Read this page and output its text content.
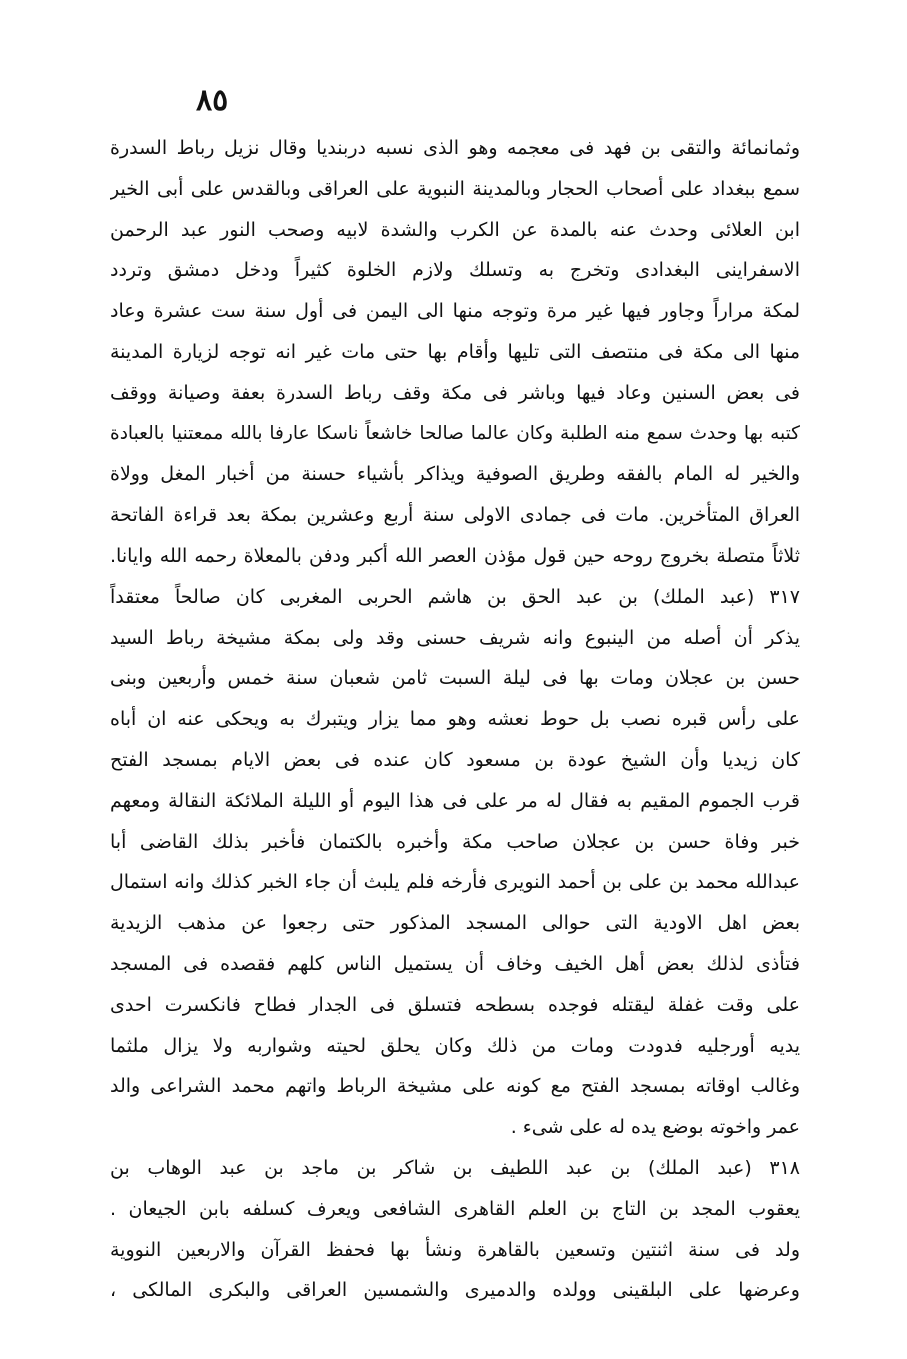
٨٥
وثمانمائة والتقى بن فهد فى معجمه وهو الذى نسبه دربنديا وقال نزيل رباط السدرة
سمع ببغداد على أصحاب الحجار وبالمدينة النبوية على العراقى وبالقدس على أبى الخير
ابن العلائى وحدث عنه بالمدة عن الكرب والشدة لابيه وصحب النور عبد الرحمن
الاسفراينى البغدادى وتخرج به وتسلك ولازم الخلوة كثيراً ودخل دمشق وتردد
لمكة مراراً وجاور فيها غير مرة وتوجه منها الى اليمن فى أول سنة ست عشرة وعاد
منها الى مكة فى منتصف التى تليها وأقام بها حتى مات غير انه توجه لزيارة المدينة
فى بعض السنين وعاد فيها وباشر فى مكة وقف رباط السدرة بعفة وصيانة ووقف
كتبه بها وحدث سمع منه الطلبة وكان عالما صالحا خاشعاً ناسكا عارفا بالله ممعتنيا بالعبادة
والخير له المام بالفقه وطريق الصوفية ويذاكر بأشياء حسنة من أخبار المغل وولاة
العراق المتأخرين. مات فى جمادى الاولى سنة أربع وعشرين بمكة بعد قراءة الفاتحة
ثلاثاً متصلة بخروج روحه حين قول مؤذن العصر الله أكبر ودفن بالمعلاة رحمه الله وايانا.
٣١٧ (عبد الملك) بن عبد الحق بن هاشم الحربى المغربى كان صالحاً معتقداً
يذكر أن أصله من الينبوع وانه شريف حسنى وقد ولى بمكة مشيخة رباط السيد
حسن بن عجلان ومات بها فى ليلة السبت ثامن شعبان سنة خمس وأربعين وبنى
على رأس قبره نصب بل حوط نعشه وهو مما يزار ويتبرك به ويحكى عنه ان أباه
كان زيديا وأن الشيخ عودة بن مسعود كان عنده فى بعض الايام بمسجد الفتح
قرب الجموم المقيم به فقال له مر على فى هذا اليوم أو الليلة الملائكة النقالة ومعهم
خبر وفاة حسن بن عجلان صاحب مكة وأخبره بالكتمان فأخبر بذلك القاضى أبا
عبدالله محمد بن على بن أحمد النويرى فأرخه فلم يلبث أن جاء الخبر كذلك وانه استمال
بعض اهل الاودية التى حوالى المسجد المذكور حتى رجعوا عن مذهب الزيدية
فتأذى لذلك بعض أهل الخيف وخاف أن يستميل الناس كلهم فقصده فى المسجد
على وقت غفلة ليقتله فوجده بسطحه فتسلق فى الجدار فطاح فانكسرت احدى
يديه أورجليه فدودت ومات من ذلك وكان يحلق لحيته وشواربه ولا يزال ملثما
وغالب اوقاته بمسجد الفتح مع كونه على مشيخة الرباط واتهم محمد الشراعى والد
عمر واخوته بوضع يده له على شىء .
٣١٨ (عبد الملك) بن عبد اللطيف بن شاكر بن ماجد بن عبد الوهاب بن
يعقوب المجد بن التاج بن العلم القاهرى الشافعى ويعرف كسلفه بابن الجيعان .
ولد فى سنة اثنتين وتسعين بالقاهرة ونشأ بها فحفظ القرآن والاربعين النووية
وعرضها على البلقينى وولده والدميرى والشمسين العراقى والبكرى المالكى ،
